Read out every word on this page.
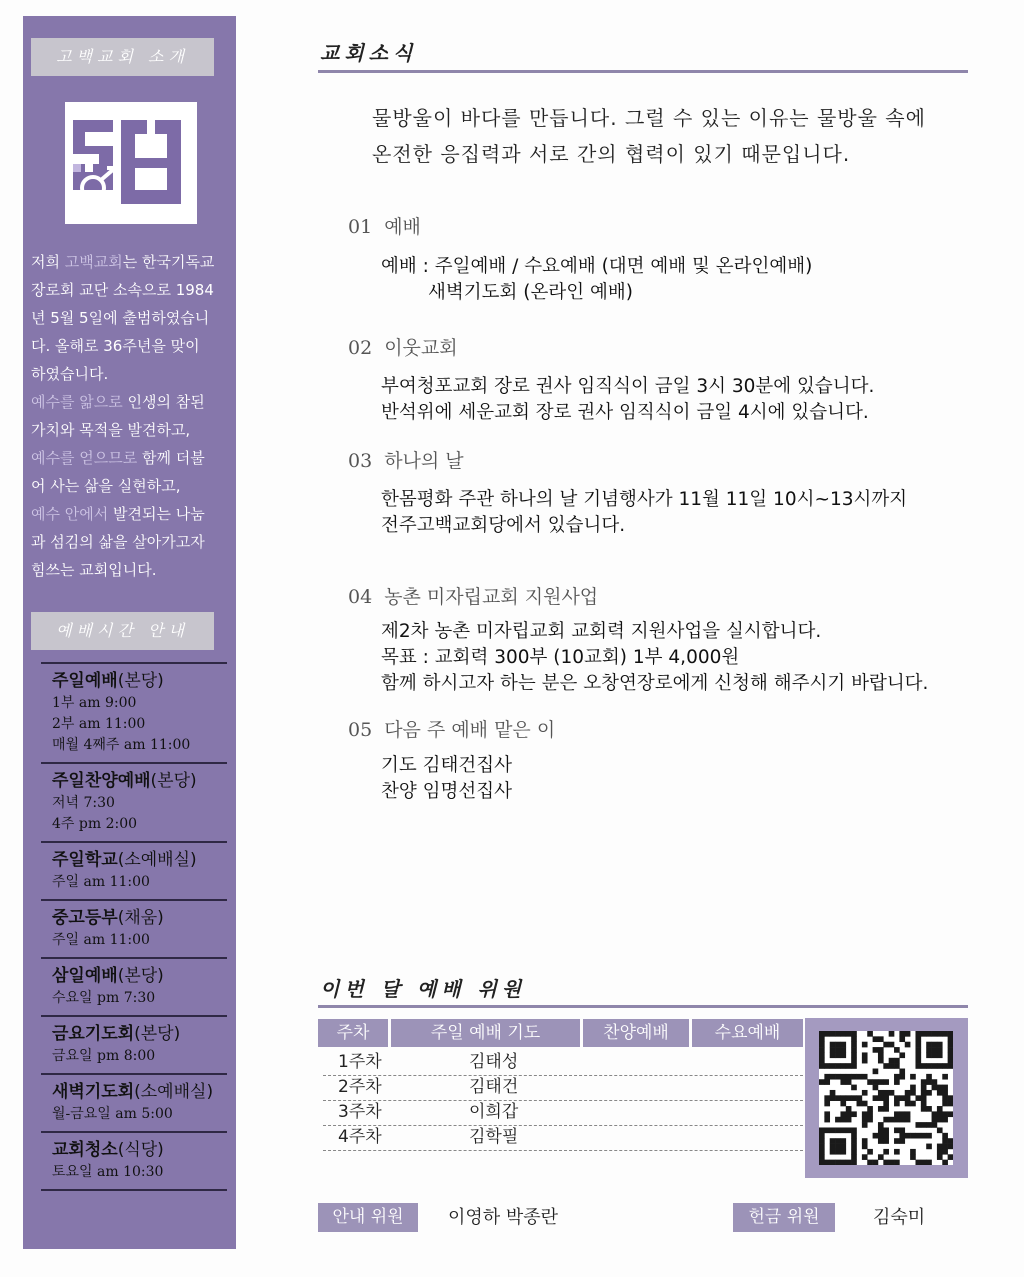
고백교회 소개
저희 고백교회는 한국기독교
장로회 교단 소속으로 1984
년 5월 5일에 출범하였습니
다. 올해로 36주년을 맞이
하였습니다.
예수를 앎으로 인생의 참된
가치와 목적을 발견하고,
예수를 얻으므로 함께 더불
어 사는 삶을 실현하고,
예수 안에서 발견되는 나눔
과 섬김의 삶을 살아가고자
힘쓰는 교회입니다.
예배시간 안내
주일예배(본당)
1부 am 9:00
2부 am 11:00
매월 4째주 am 11:00
주일찬양예배(본당)
저녁 7:30
4주 pm 2:00
주일학교(소예배실)
주일 am 11:00
중고등부(채움)
주일 am 11:00
삼일예배(본당)
수요일 pm 7:30
금요기도회(본당)
금요일 pm 8:00
새벽기도회(소예배실)
월-금요일 am 5:00
교회청소(식당)
토요일 am 10:30
교회소식
물방울이 바다를 만듭니다. 그럴 수 있는 이유는 물방울 속에
온전한 응집력과 서로 간의 협력이 있기 때문입니다.
01 예배
예배 : 주일예배 / 수요예배 (대면 예배 및 온라인예배)
새벽기도회 (온라인 예배)
02 이웃교회
부여청포교회 장로 권사 임직식이 금일 3시 30분에 있습니다.
반석위에 세운교회 장로 권사 임직식이 금일 4시에 있습니다.
03 하나의 날
한몸평화 주관 하나의 날 기념행사가 11월 11일 10시~13시까지
전주고백교회당에서 있습니다.
04 농촌 미자립교회 지원사업
제2차 농촌 미자립교회 교회력 지원사업을 실시합니다.
목표 : 교회력 300부 (10교회) 1부 4,000원
함께 하시고자 하는 분은 오창연장로에게 신청해 해주시기 바랍니다.
05 다음 주 예배 맡은 이
기도 김태건집사
찬양 임명선집사
이번 달 예배 위원
주차	주일 예배 기도	찬양예배	수요예배
1주차	김태성
2주차	김태건
3주차	이희갑
4주차	김학필
안내 위원	이영하 박종란	헌금 위원	김숙미
